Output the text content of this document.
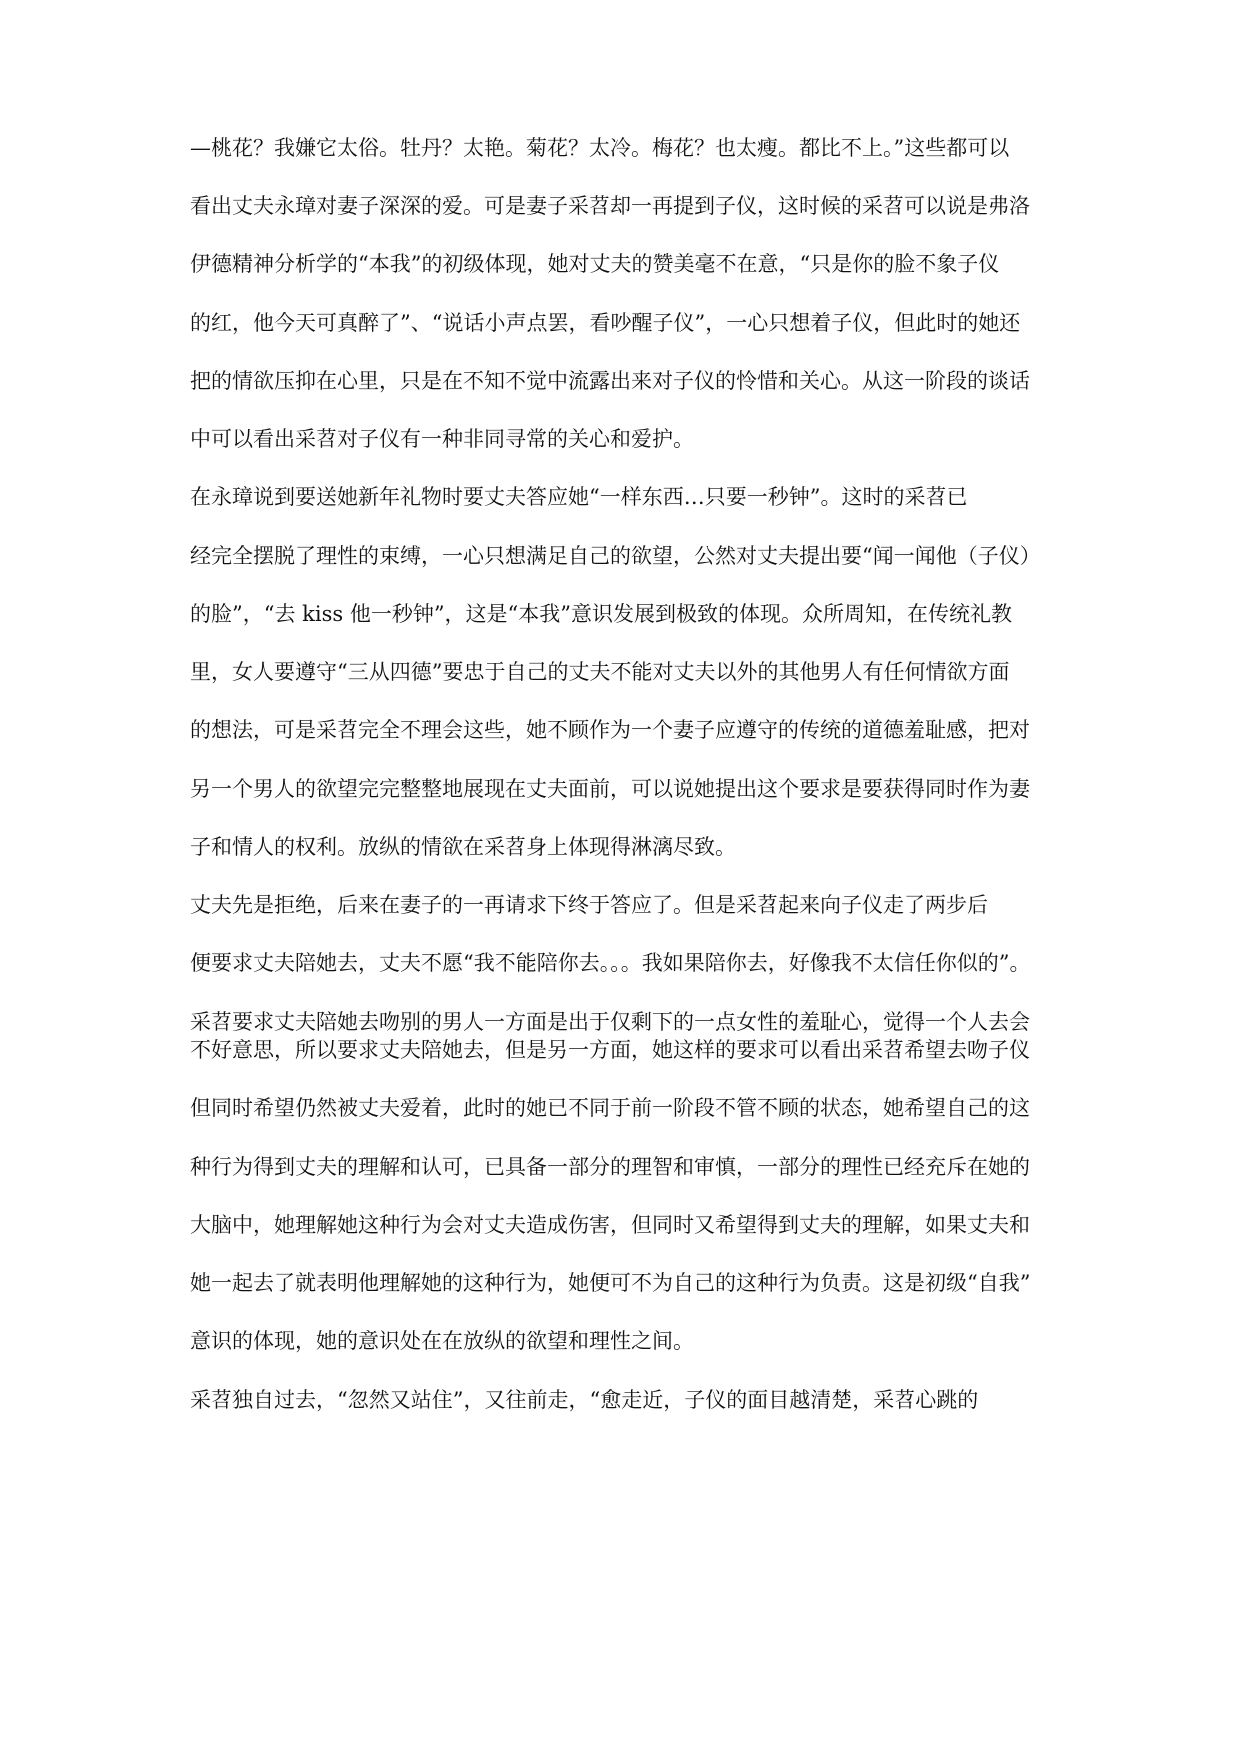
—桃花？我嫌它太俗。牡丹？太艳。菊花？太冷。梅花？也太瘦。都比不上。”这些都可以

看出丈夫永璋对妻子深深的爱。可是妻子采苕却一再提到子仪，这时候的采苕可以说是弗洛

伊德精神分析学的“本我”的初级体现，她对丈夫的赞美毫不在意，“只是你的脸不象子仪

的红，他今天可真醉了”、“说话小声点罢，看吵醒子仪”，一心只想着子仪，但此时的她还

把的情欲压抑在心里，只是在不知不觉中流露出来对子仪的怜惜和关心。从这一阶段的谈话

中可以看出采苕对子仪有一种非同寻常的关心和爱护。

在永璋说到要送她新年礼物时要丈夫答应她“一样东西…只要一秒钟”。这时的采苕已

经完全摆脱了理性的束缚，一心只想满足自己的欲望，公然对丈夫提出要“闻一闻他（子仪）

的脸”，“去 kiss 他一秒钟”，这是“本我”意识发展到极致的体现。众所周知，在传统礼教

里，女人要遵守“三从四德”要忠于自己的丈夫不能对丈夫以外的其他男人有任何情欲方面

的想法，可是采苕完全不理会这些，她不顾作为一个妻子应遵守的传统的道德羞耻感，把对

另一个男人的欲望完完整整地展现在丈夫面前，可以说她提出这个要求是要获得同时作为妻

子和情人的权利。放纵的情欲在采苕身上体现得淋漓尽致。

丈夫先是拒绝，后来在妻子的一再请求下终于答应了。但是采苕起来向子仪走了两步后

便要求丈夫陪她去，丈夫不愿“我不能陪你去。。。我如果陪你去，好像我不太信任你似的”。

采苕要求丈夫陪她去吻别的男人一方面是出于仅剩下的一点女性的羞耻心，觉得一个人去会

不好意思，所以要求丈夫陪她去，但是另一方面，她这样的要求可以看出采苕希望去吻子仪

但同时希望仍然被丈夫爱着，此时的她已不同于前一阶段不管不顾的状态，她希望自己的这

种行为得到丈夫的理解和认可，已具备一部分的理智和审慎，一部分的理性已经充斥在她的

大脑中，她理解她这种行为会对丈夫造成伤害，但同时又希望得到丈夫的理解，如果丈夫和

她一起去了就表明他理解她的这种行为，她便可不为自己的这种行为负责。这是初级“自我”

意识的体现，她的意识处在在放纵的欲望和理性之间。

采苕独自过去，“忽然又站住”，又往前走，“愈走近，子仪的面目越清楚，采苕心跳的
